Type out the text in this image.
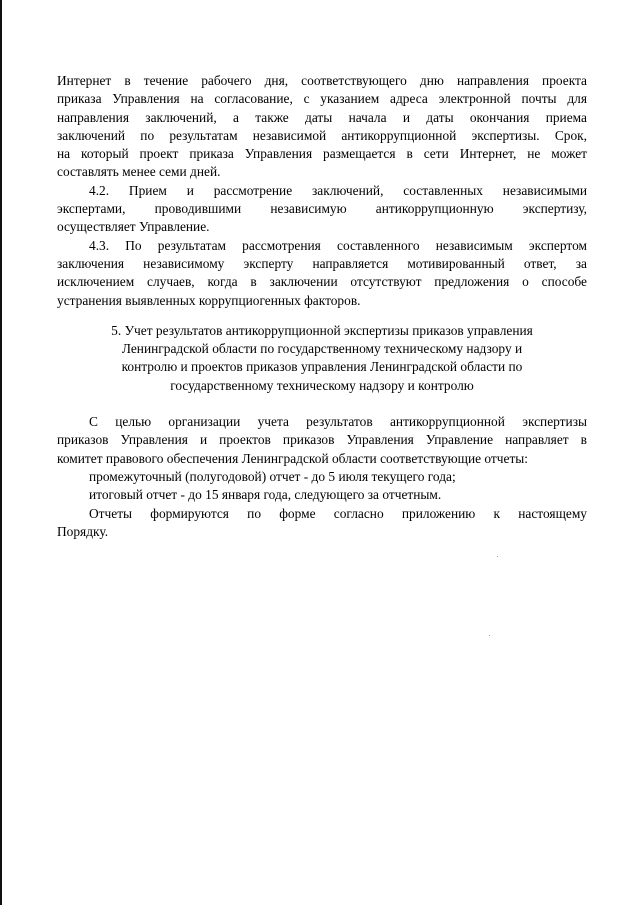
Интернет в течение рабочего дня, соответствующего дню направления проекта
приказа Управления на согласование, с указанием адреса электронной почты для
направления заключений, а также даты начала и даты окончания приема
заключений по результатам независимой антикоррупционной экспертизы. Срок,
на который проект приказа Управления размещается в сети Интернет, не может
составлять менее семи дней.
4.2. Прием и рассмотрение заключений, составленных независимыми
экспертами, проводившими независимую антикоррупционную экспертизу,
осуществляет Управление.
4.3. По результатам рассмотрения составленного независимым экспертом
заключения независимому эксперту направляется мотивированный ответ, за
исключением случаев, когда в заключении отсутствуют предложения о способе
устранения выявленных коррупциогенных факторов.
5. Учет результатов антикоррупционной экспертизы приказов управления
Ленинградской области по государственному техническому надзору и
контролю и проектов приказов управления Ленинградской области по
государственному техническому надзору и контролю
С целью организации учета результатов антикоррупционной экспертизы
приказов Управления и проектов приказов Управления Управление направляет в
комитет правового обеспечения Ленинградской области соответствующие отчеты:
промежуточный (полугодовой) отчет - до 5 июля текущего года;
итоговый отчет - до 15 января года, следующего за отчетным.
Отчеты формируются по форме согласно приложению к настоящему
Порядку.
